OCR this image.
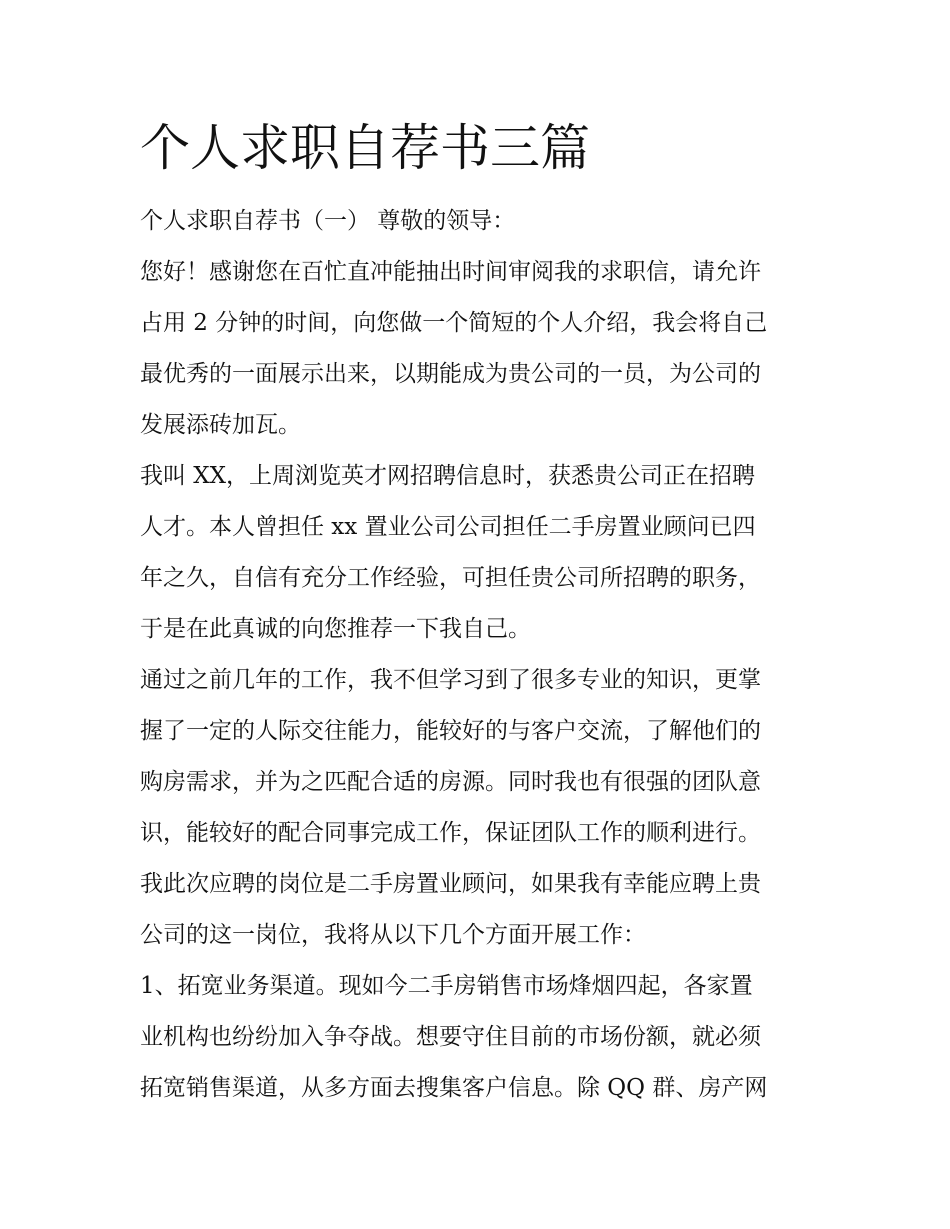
个人求职自荐书三篇

个人求职自荐书（一） 尊敬的领导：

您好！感谢您在百忙直冲能抽出时间审阅我的求职信，请允许

占用 2 分钟的时间，向您做一个简短的个人介绍，我会将自己

最优秀的一面展示出来，以期能成为贵公司的一员，为公司的

发展添砖加瓦。

我叫 XX，上周浏览英才网招聘信息时，获悉贵公司正在招聘

人才。本人曾担任 xx 置业公司公司担任二手房置业顾问已四

年之久，自信有充分工作经验，可担任贵公司所招聘的职务，

于是在此真诚的向您推荐一下我自己。

通过之前几年的工作，我不但学习到了很多专业的知识，更掌

握了一定的人际交往能力，能较好的与客户交流，了解他们的

购房需求，并为之匹配合适的房源。同时我也有很强的团队意

识，能较好的配合同事完成工作，保证团队工作的顺利进行。

我此次应聘的岗位是二手房置业顾问，如果我有幸能应聘上贵

公司的这一岗位，我将从以下几个方面开展工作：

1、拓宽业务渠道。现如今二手房销售市场烽烟四起，各家置

业机构也纷纷加入争夺战。想要守住目前的市场份额，就必须

拓宽销售渠道，从多方面去搜集客户信息。除 QQ 群、房产网
